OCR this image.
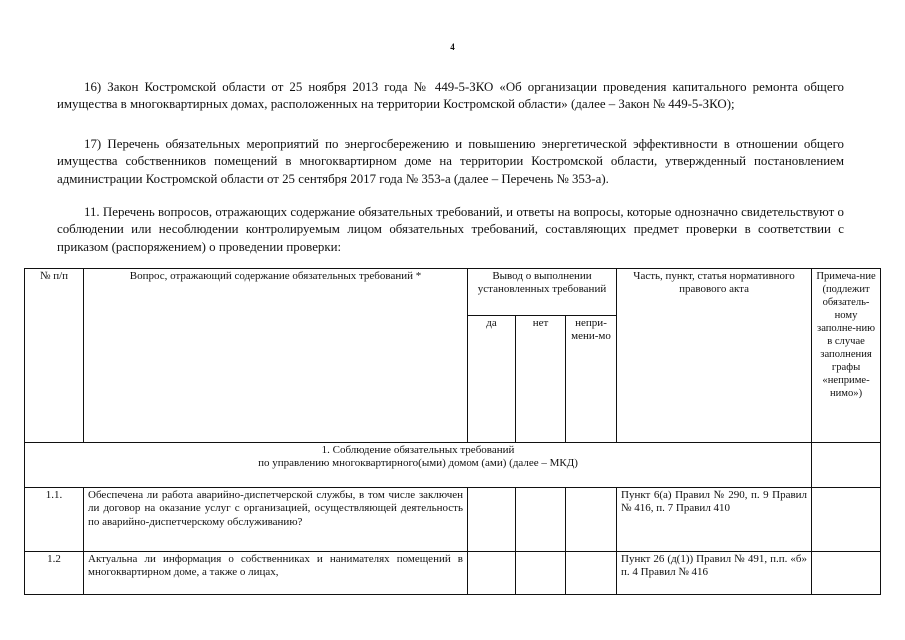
4

16) Закон Костромской области от 25 ноября 2013 года № 449-5-ЗКО «Об организации проведения капитального ремонта общего имущества в многоквартирных домах, расположенных на территории Костромской области» (далее – Закон № 449-5-ЗКО);

17) Перечень обязательных мероприятий по энергосбережению и повышению энергетической эффективности в отношении общего имущества собственников помещений в многоквартирном доме на территории Костромской области, утвержденный постановлением администрации Костромской области от 25 сентября 2017 года № 353-а (далее – Перечень № 353-а).

11. Перечень вопросов, отражающих содержание обязательных требований, и ответы на вопросы, которые однозначно свидетельствуют о соблюдении или несоблюдении контролируемым лицом обязательных требований, составляющих предмет проверки в соответствии с приказом (распоряжением) о проведении проверки:

№ п/п	Вопрос, отражающий содержание обязательных требований *	Вывод о выполнении установленных требований			Часть, пункт, статья нормативного правового акта	Примеча-ние (подлежит обязатель-ному заполне-нию в случае заполнения графы «неприме-нимо»)
		да	нет	непри-мени-мо		

1. Соблюдение обязательных требований
по управлению многоквартирного(ыми) домом (ами) (далее – МКД)						

1.1.	Обеспечена ли работа аварийно-диспетчерской службы, в том числе заключен ли договор на оказание услуг с организацией, осуществляющей деятельность по аварийно-диспетчерскому обслуживанию?				Пункт 6(а) Правил № 290, п. 9 Правил № 416, п. 7 Правил 410	
1.2	Актуальна ли информация о собственниках и нанимателях помещений в многоквартирном доме, а также о лицах,				Пункт 26 (д(1)) Правил № 491, п.п. «б» п. 4 Правил № 416	
